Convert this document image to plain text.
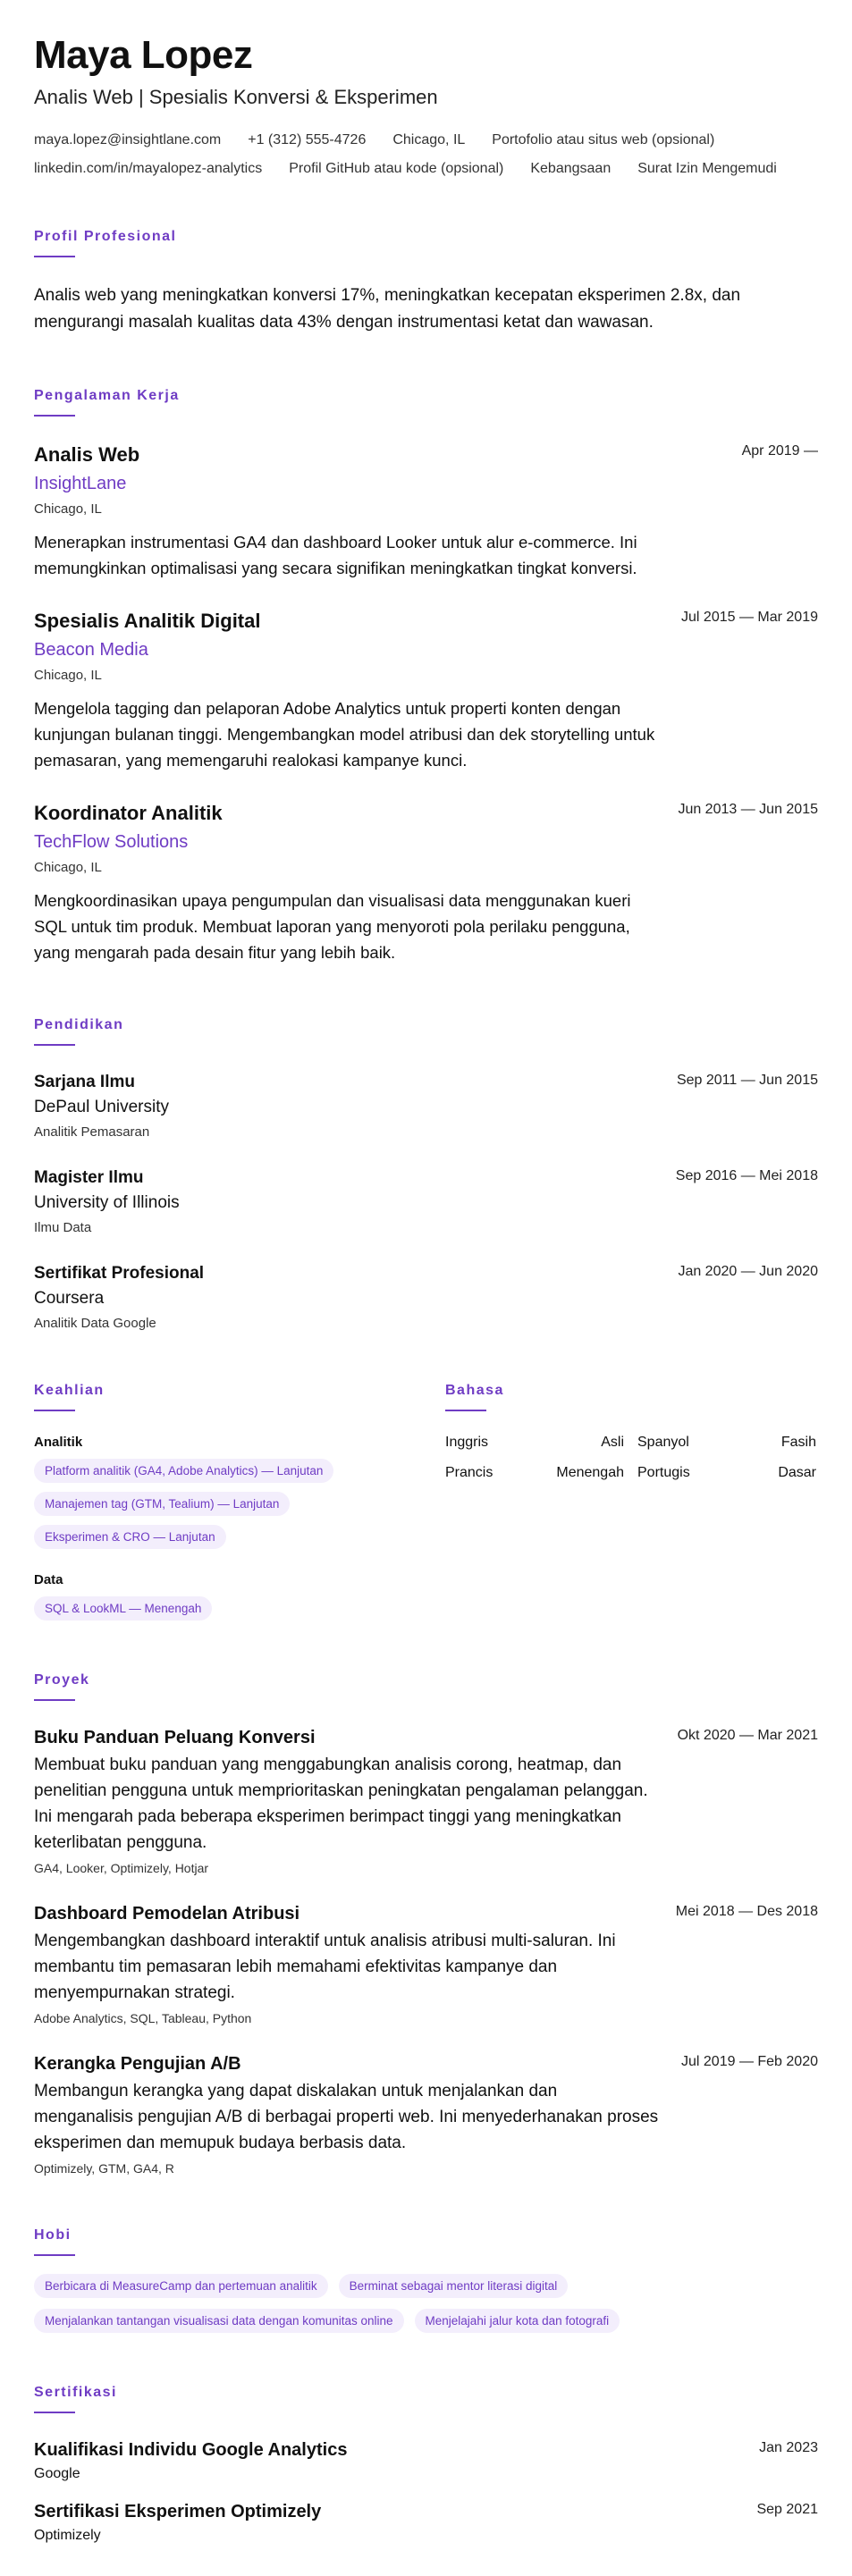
Maya Lopez
Analis Web | Spesialis Konversi & Eksperimen
maya.lopez@insightlane.com +1 (312) 555-4726 Chicago, IL Portofolio atau situs web (opsional)
linkedin.com/in/mayalopez-analytics Profil GitHub atau kode (opsional) Kebangsaan Surat Izin Mengemudi
Profil Profesional
Analis web yang meningkatkan konversi 17%, meningkatkan kecepatan eksperimen 2.8x, dan mengurangi masalah kualitas data 43% dengan instrumentasi ketat dan wawasan.
Pengalaman Kerja
Analis Web
InsightLane
Chicago, IL
Menerapkan instrumentasi GA4 dan dashboard Looker untuk alur e-commerce. Ini memungkinkan optimalisasi yang secara signifikan meningkatkan tingkat konversi.
Apr 2019 —
Spesialis Analitik Digital
Beacon Media
Chicago, IL
Mengelola tagging dan pelaporan Adobe Analytics untuk properti konten dengan kunjungan bulanan tinggi. Mengembangkan model atribusi dan dek storytelling untuk pemasaran, yang memengaruhi realokasi kampanye kunci.
Jul 2015 — Mar 2019
Koordinator Analitik
TechFlow Solutions
Chicago, IL
Mengkoordinasikan upaya pengumpulan dan visualisasi data menggunakan kueri SQL untuk tim produk. Membuat laporan yang menyoroti pola perilaku pengguna, yang mengarah pada desain fitur yang lebih baik.
Jun 2013 — Jun 2015
Pendidikan
Sarjana Ilmu
DePaul University
Analitik Pemasaran
Sep 2011 — Jun 2015
Magister Ilmu
University of Illinois
Ilmu Data
Sep 2016 — Mei 2018
Sertifikat Profesional
Coursera
Analitik Data Google
Jan 2020 — Jun 2020
Keahlian
Analitik
Platform analitik (GA4, Adobe Analytics) — Lanjutan
Manajemen tag (GTM, Tealium) — Lanjutan
Eksperimen & CRO — Lanjutan
Data
SQL & LookML — Menengah
Bahasa
Inggris	Asli Spanyol	Fasih
Prancis	Menengah Portugis	Dasar
Proyek
Buku Panduan Peluang Konversi
Membuat buku panduan yang menggabungkan analisis corong, heatmap, dan penelitian pengguna untuk memprioritaskan peningkatan pengalaman pelanggan. Ini mengarah pada beberapa eksperimen berimpact tinggi yang meningkatkan keterlibatan pengguna.
GA4, Looker, Optimizely, Hotjar
Okt 2020 — Mar 2021
Dashboard Pemodelan Atribusi
Mengembangkan dashboard interaktif untuk analisis atribusi multi-saluran. Ini membantu tim pemasaran lebih memahami efektivitas kampanye dan menyempurnakan strategi.
Adobe Analytics, SQL, Tableau, Python
Mei 2018 — Des 2018
Kerangka Pengujian A/B
Membangun kerangka yang dapat diskalakan untuk menjalankan dan menganalisis pengujian A/B di berbagai properti web. Ini menyederhanakan proses eksperimen dan memupuk budaya berbasis data.
Optimizely, GTM, GA4, R
Jul 2019 — Feb 2020
Hobi
Berbicara di MeasureCamp dan pertemuan analitik	Berminat sebagai mentor literasi digital
Menjalankan tantangan visualisasi data dengan komunitas online	Menjelajahi jalur kota dan fotografi
Sertifikasi
Kualifikasi Individu Google Analytics
Google
Jan 2023
Sertifikasi Eksperimen Optimizely
Optimizely
Sep 2021
